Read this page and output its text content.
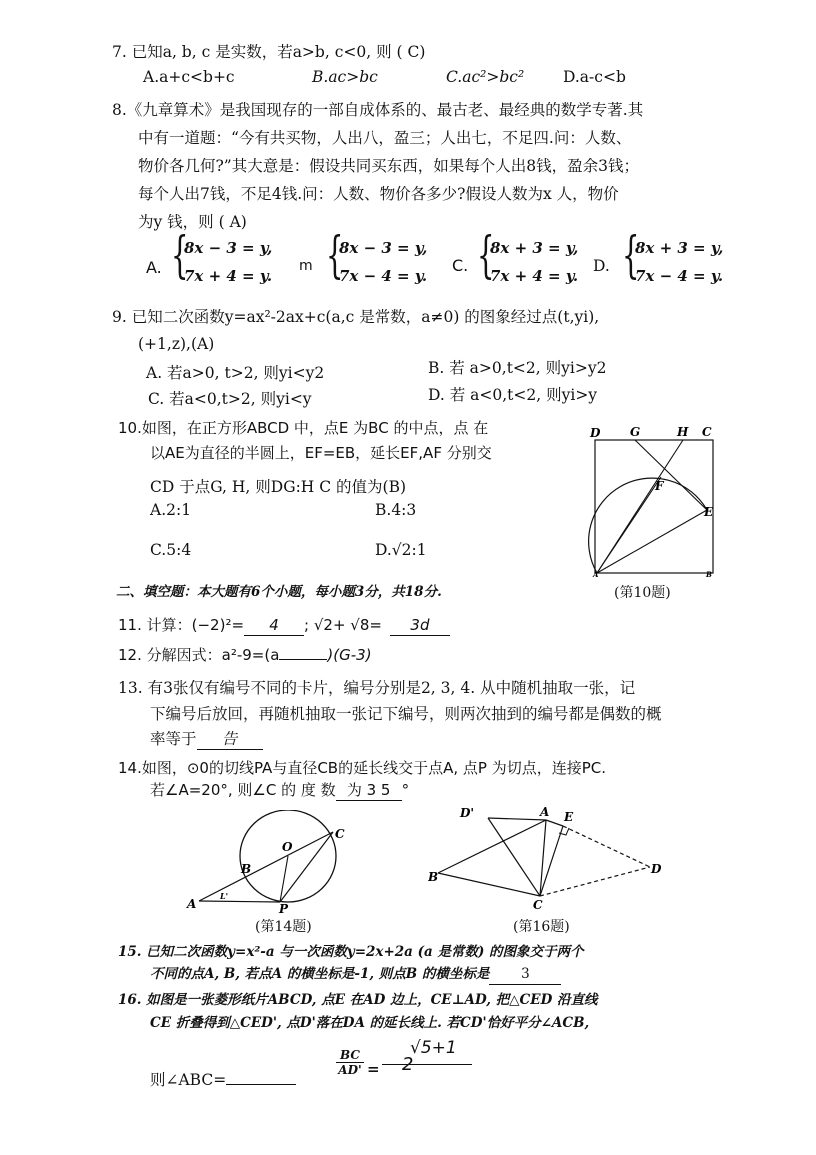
7. 已知a, b, c 是实数，若a>b, c<0, 则 ( C)
A.a+c<b+c	B.ac>bc	C.ac²>bc²	D.a-c<b
8.《九章算术》是我国现存的一部自成体系的、最古老、最经典的数学专著.其
中有一道题：“今有共买物，人出八，盈三；人出七，不足四.问：人数、
物价各几何?”其大意是：假设共同买东西，如果每个人出8钱，盈余3钱；
每个人出7钱，不足4钱.问：人数、物价各多少?假设人数为x 人，物价
为y 钱，则 ( A)
A. {
8x − 3 = y,
7x + 4 = y.
m {
8x − 3 = y,
7x − 4 = y.
C. {
8x + 3 = y,
7x + 4 = y.
D. {
8x + 3 = y,
7x − 4 = y.
9. 已知二次函数y=ax²-2ax+c(a,c 是常数，a≠0) 的图象经过点(t,yi),
(+1,z),(A)
A. 若a>0, t>2, 则yi<y2	B. 若 a>0,t<2, 则yi>y2
C. 若a<0,t>2, 则yi<y	D. 若 a<0,t<2, 则yi>y
10.如图，在正方形ABCD 中，点E 为BC 的中点，点 在
以AE为直径的半圆上，EF=EB，延长EF,AF 分别交
CD 于点G, H, 则DG:H C 的值为(B)
A.2:1	B.4:3
C.5:4	D.√2:1
D G	H C
F
E
A	B
(第10题)
二、填空题：本大题有6个小题，每小题3分，共18分.
11. 计算：(−2)²= 4 ; √2+ √8= 3d
12. 分解因式：a²-9=(a	)(G-3)
13. 有3张仅有编号不同的卡片，编号分别是2, 3, 4. 从中随机抽取一张，记
下编号后放回，再随机抽取一张记下编号，则两次抽到的编号都是偶数的概
率等于 告
14.如图，⊙0的切线PA与直径CB的延长线交于点A, 点P 为切点，连接PC.
若∠A=20°, 则∠C 的 度 数 为 3 5 °
O
C
B
A	P
L'
(第14题)
D'	A E
B
C
D
(第16题)
15. 已知二次函数y=x²-a 与一次函数y=2x+2a (a 是常数) 的图象交于两个
不同的点A, B, 若点A 的横坐标是-1, 则点B 的横坐标是 3
16. 如图是一张菱形纸片ABCD, 点E 在AD 边上，CE⊥AD, 把△CED 沿直线
CE 折叠得到△CED', 点D'落在DA 的延长线上. 若CD'恰好平分∠ACB,
则∠ABC=
$\frac{BC}{AD'}$ =
√5+1
2
